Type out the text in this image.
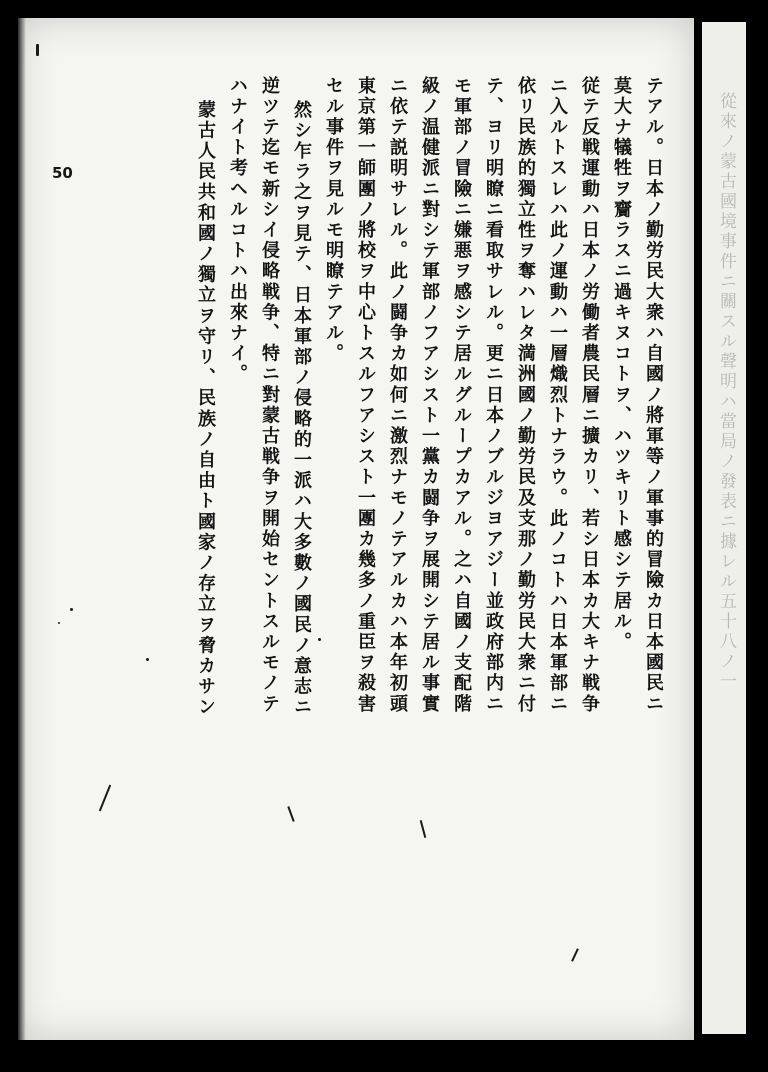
50	テアル。日本ノ勤労民大衆ハ自國ノ將軍等ノ軍事的冒險カ日本國民ニ
莫大ナ犠牲ヲ齎ラスニ過キヌコトヲ、ハツキリト感シテ居ル。
従テ反戦運動ハ日本ノ労働者農民層ニ擴カリ、若シ日本カ大キナ戦争
ニ入ルトスレハ此ノ運動ハ一層熾烈トナラウ。此ノコトハ日本軍部ニ
依リ民族的獨立性ヲ奪ハレタ満洲國ノ勤労民及支那ノ勤労民大衆ニ付
テ、ヨリ明瞭ニ看取サレル。更ニ日本ノブルジヨアジー並政府部内ニ
モ軍部ノ冒險ニ嫌悪ヲ感シテ居ルグループカアル。之ハ自國ノ支配階
級ノ温健派ニ對シテ軍部ノフアシスト一黨カ闘争ヲ展開シテ居ル事實
ニ依テ説明サレル。此ノ闘争カ如何ニ激烈ナモノテアルカハ本年初頭
東京第一師團ノ將校ヲ中心トスルフアシスト一團カ幾多ノ重臣ヲ殺害
セル事件ヲ見ルモ明瞭テアル。
然シ乍ラ之ヲ見テ、日本軍部ノ侵略的一派ハ大多數ノ國民ノ意志ニ
逆ツテ迄モ新シイ侵略戦争、特ニ對蒙古戦争ヲ開始セントスルモノテ
ハナイト考ヘルコトハ出來ナイ。
蒙古人民共和國ノ獨立ヲ守リ、民族ノ自由ト國家ノ存立ヲ脅カサン	從來ノ蒙古國境事件ニ關スル聲明ハ當局ノ發表ニ據レル五十八ノ一
